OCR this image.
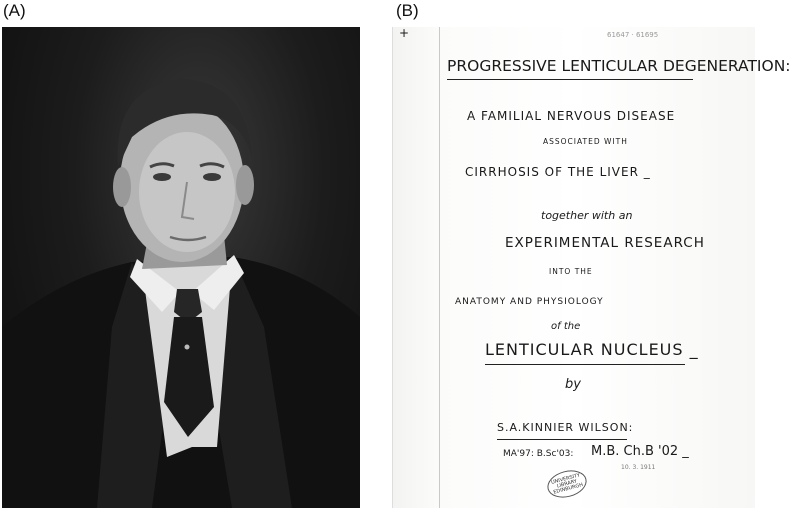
(A)	(B)
+	61647 · 61695
PROGRESSIVE LENTICULAR DEGENERATION:
A FAMILIAL NERVOUS DISEASE
ASSOCIATED WITH
CIRRHOSIS OF THE LIVER _
together with an
EXPERIMENTAL RESEARCH
INTO THE
ANATOMY AND PHYSIOLOGY
of the
LENTICULAR NUCLEUS _
by
S.A.KINNIER WILSON:
MA'97: B.Sc'03: M.B. Ch.B '02 _
10. 3. 1911
UNIVERSITY LIBRARY EDINBURGH
